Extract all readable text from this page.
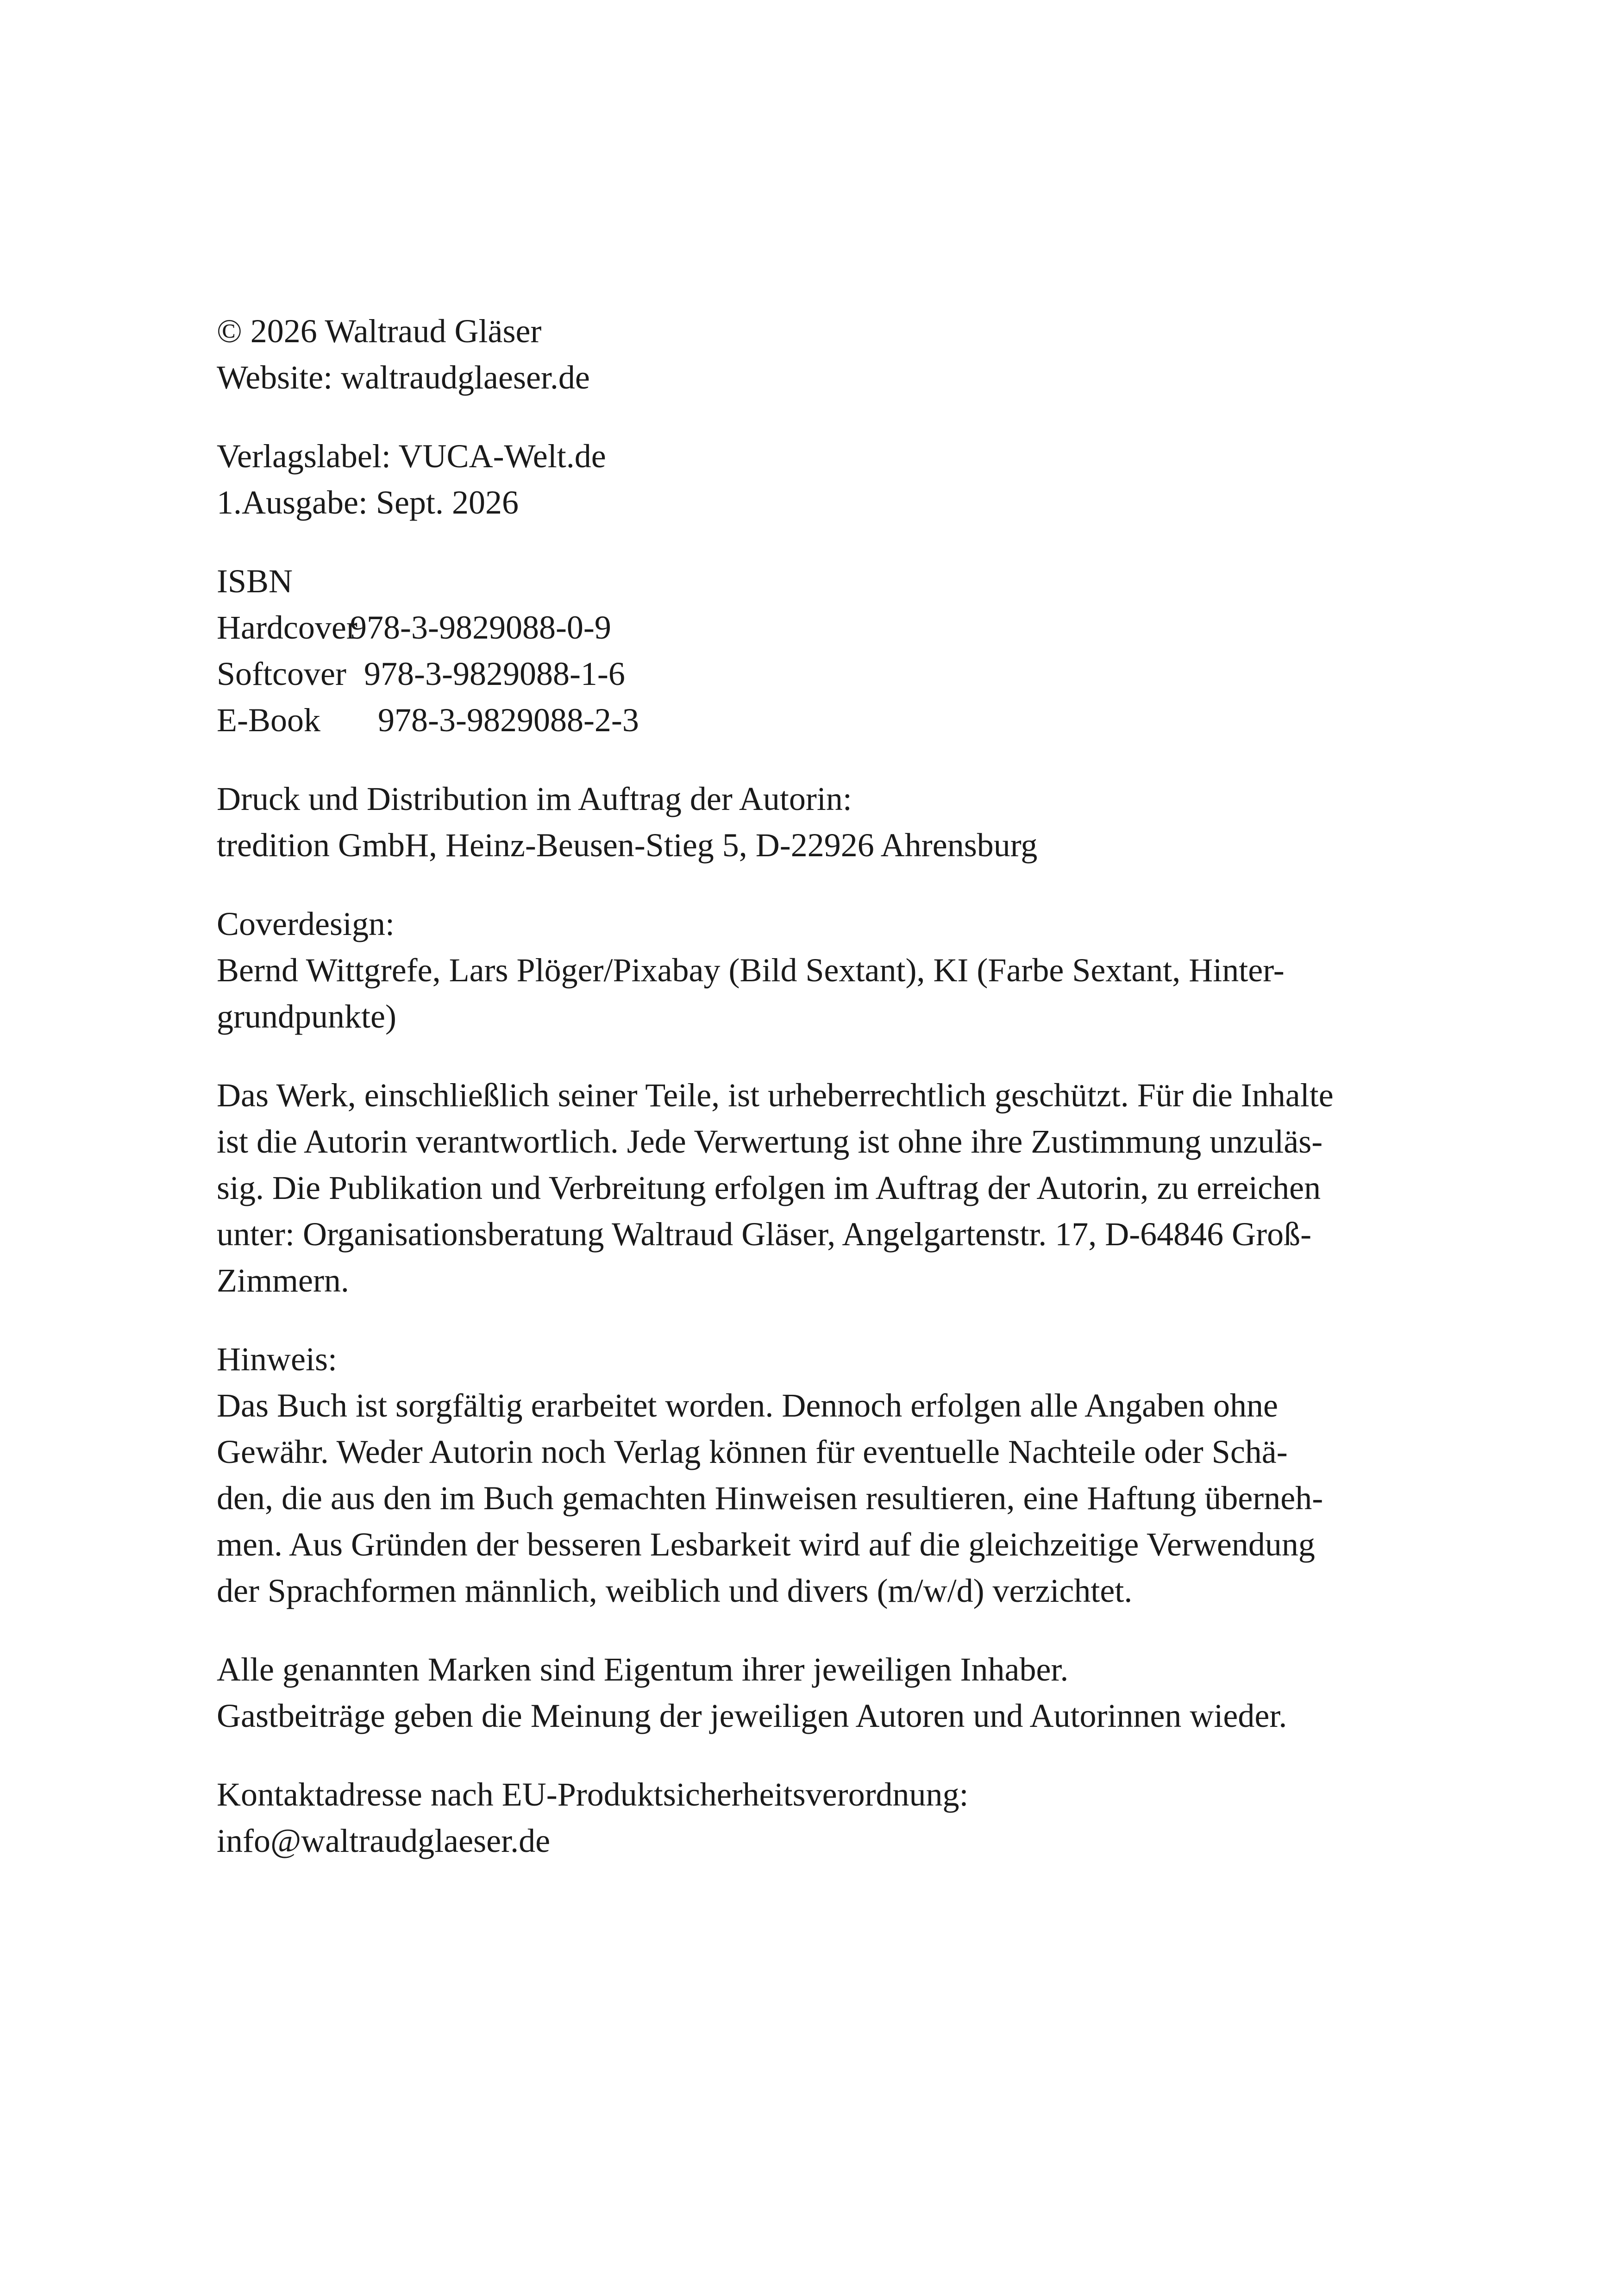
© 2026 Waltraud Gläser
Website: waltraudglaeser.de
Verlagslabel: VUCA-Welt.de
1.Ausgabe: Sept. 2026
ISBN
Hardcover978-3-9829088-0-9
Softcover 978-3-9829088-1-6
E-Book 978-3-9829088-2-3
Druck und Distribution im Auftrag der Autorin:
tredition GmbH, Heinz-Beusen-Stieg 5, D-22926 Ahrensburg
Coverdesign:
Bernd Wittgrefe, Lars Plöger/Pixabay (Bild Sextant), KI (Farbe Sextant, Hinter-
grundpunkte)
Das Werk, einschließlich seiner Teile, ist urheberrechtlich geschützt. Für die Inhalte
ist die Autorin verantwortlich. Jede Verwertung ist ohne ihre Zustimmung unzuläs-
sig. Die Publikation und Verbreitung erfolgen im Auftrag der Autorin, zu erreichen
unter: Organisationsberatung Waltraud Gläser, Angelgartenstr. 17, D-64846 Groß-
Zimmern.
Hinweis:
Das Buch ist sorgfältig erarbeitet worden. Dennoch erfolgen alle Angaben ohne
Gewähr. Weder Autorin noch Verlag können für eventuelle Nachteile oder Schä-
den, die aus den im Buch gemachten Hinweisen resultieren, eine Haftung überneh-
men. Aus Gründen der besseren Lesbarkeit wird auf die gleichzeitige Verwendung
der Sprachformen männlich, weiblich und divers (m/w/d) verzichtet.
Alle genannten Marken sind Eigentum ihrer jeweiligen Inhaber.
Gastbeiträge geben die Meinung der jeweiligen Autoren und Autorinnen wieder.
Kontaktadresse nach EU-Produktsicherheitsverordnung:
info@waltraudglaeser.de
